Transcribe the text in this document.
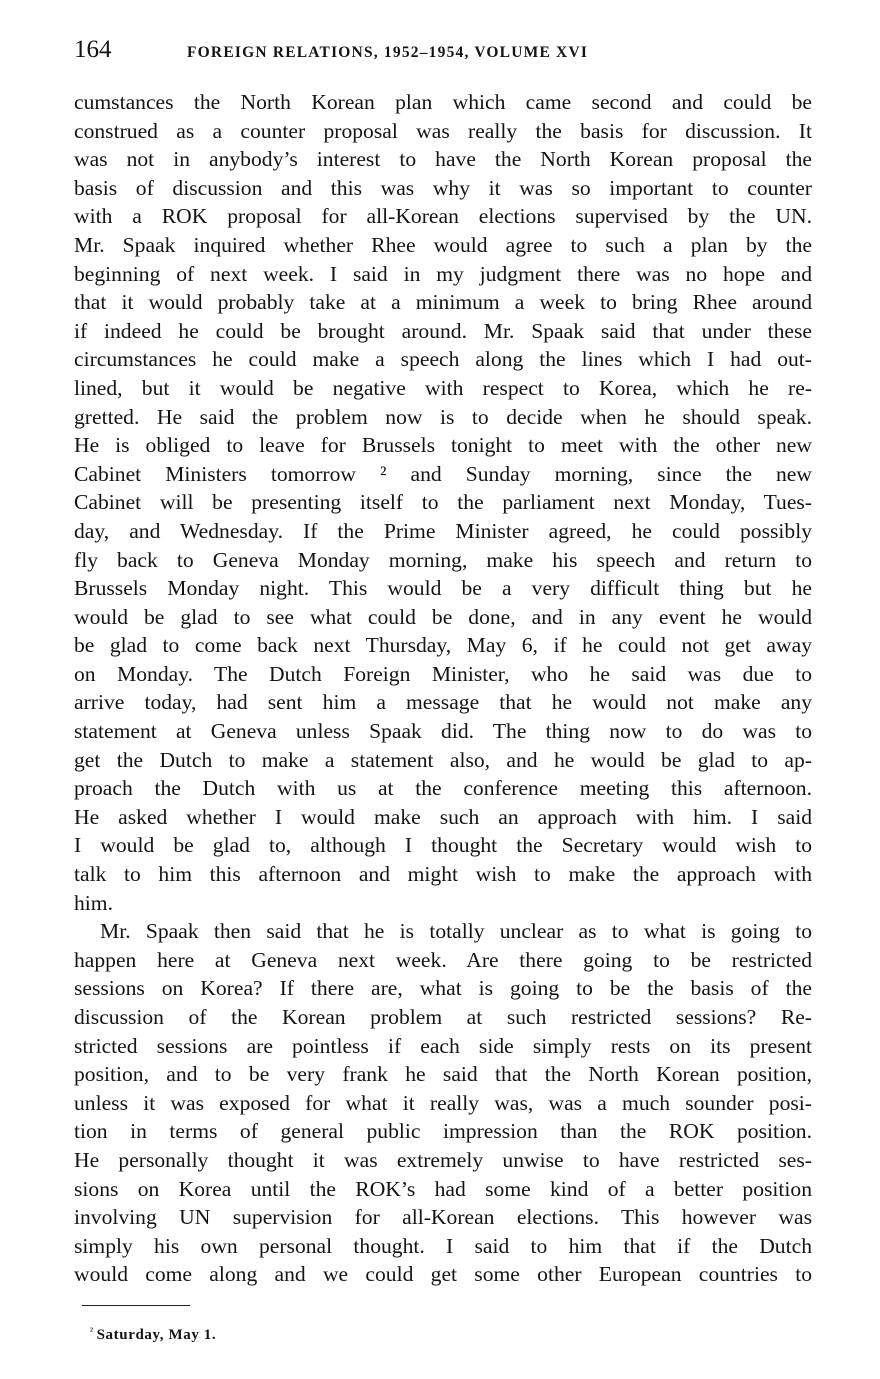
164	FOREIGN RELATIONS, 1952–1954, VOLUME XVI
cumstances the North Korean plan which came second and could be
construed as a counter proposal was really the basis for discussion. It
was not in anybody’s interest to have the North Korean proposal the
basis of discussion and this was why it was so important to counter
with a ROK proposal for all-Korean elections supervised by the UN.
Mr. Spaak inquired whether Rhee would agree to such a plan by the
beginning of next week. I said in my judgment there was no hope and
that it would probably take at a minimum a week to bring Rhee around
if indeed he could be brought around. Mr. Spaak said that under these
circumstances he could make a speech along the lines which I had out-
lined, but it would be negative with respect to Korea, which he re-
gretted. He said the problem now is to decide when he should speak.
He is obliged to leave for Brussels tonight to meet with the other new
Cabinet Ministers tomorrow ² and Sunday morning, since the new
Cabinet will be presenting itself to the parliament next Monday, Tues-
day, and Wednesday. If the Prime Minister agreed, he could possibly
fly back to Geneva Monday morning, make his speech and return to
Brussels Monday night. This would be a very difficult thing but he
would be glad to see what could be done, and in any event he would
be glad to come back next Thursday, May 6, if he could not get away
on Monday. The Dutch Foreign Minister, who he said was due to
arrive today, had sent him a message that he would not make any
statement at Geneva unless Spaak did. The thing now to do was to
get the Dutch to make a statement also, and he would be glad to ap-
proach the Dutch with us at the conference meeting this afternoon.
He asked whether I would make such an approach with him. I said
I would be glad to, although I thought the Secretary would wish to
talk to him this afternoon and might wish to make the approach with
him.
Mr. Spaak then said that he is totally unclear as to what is going to
happen here at Geneva next week. Are there going to be restricted
sessions on Korea? If there are, what is going to be the basis of the
discussion of the Korean problem at such restricted sessions? Re-
stricted sessions are pointless if each side simply rests on its present
position, and to be very frank he said that the North Korean position,
unless it was exposed for what it really was, was a much sounder posi-
tion in terms of general public impression than the ROK position.
He personally thought it was extremely unwise to have restricted ses-
sions on Korea until the ROK’s had some kind of a better position
involving UN supervision for all-Korean elections. This however was
simply his own personal thought. I said to him that if the Dutch
would come along and we could get some other European countries to
$^{^2}$ Saturday, May 1.
